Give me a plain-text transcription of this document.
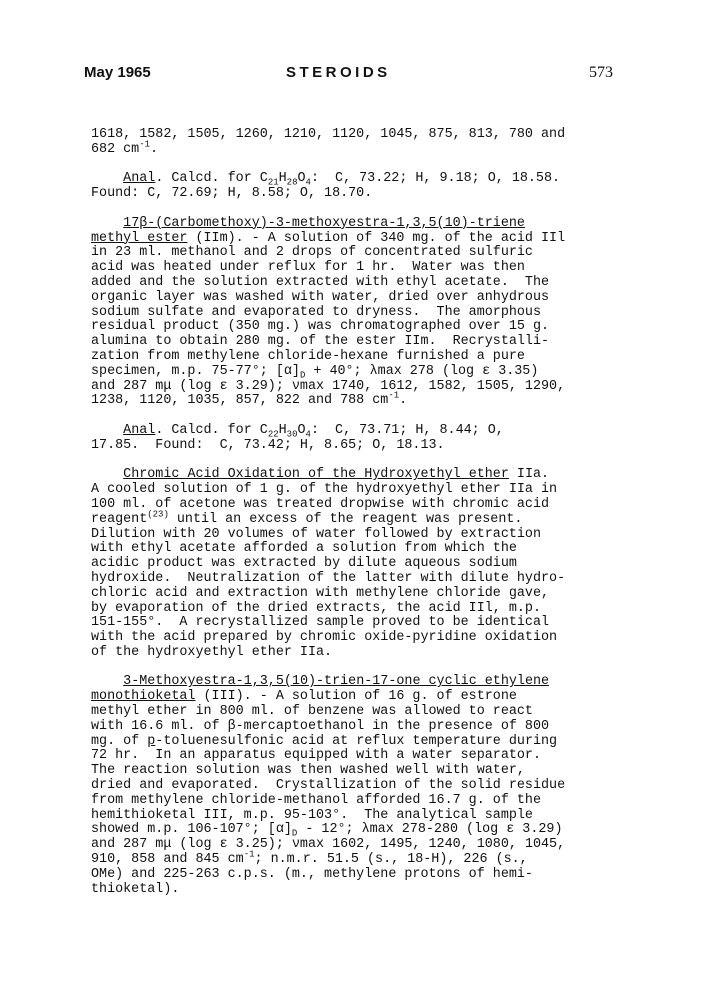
May 1965	STEROIDS	573
1618, 1582, 1505, 1260, 1210, 1120, 1045, 875, 813, 780 and
682 $cm^{-1}$.
Anal. Calcd. for $C_{21}H_{28}O_4$:  C, 73.22; H, 9.18; O, 18.58.
Found: C, 72.69; H, 8.58; O, 18.70.
17β-(Carbomethoxy)-3-methoxyestra-1,3,5(10)-triene
methyl ester (IIm). - A solution of 340 mg. of the acid IIl
in 23 ml. methanol and 2 drops of concentrated sulfuric
acid was heated under reflux for 1 hr.  Water was then
added and the solution extracted with ethyl acetate.  The
organic layer was washed with water, dried over anhydrous
sodium sulfate and evaporated to dryness.  The amorphous
residual product (350 mg.) was chromatographed over 15 g.
alumina to obtain 280 mg. of the ester IIm.  Recrystalli-
zation from methylene chloride-hexane furnished a pure
specimen, m.p. 75-77°; $[\alpha]_D + 40^\circ$; λmax 278 (log ε 3.35)
and 287 mμ (log ε 3.29); νmax 1740, 1612, 1582, 1505, 1290,
1238, 1120, 1035, 857, 822 and 788 $cm^{-1}$.
Anal. Calcd. for $C_{22}H_{30}O_4$:  C, 73.71; H, 8.44; O,
17.85.  Found:  C, 73.42; H, 8.65; O, 18.13.
Chromic Acid Oxidation of the Hydroxyethyl ether IIa.
A cooled solution of 1 g. of the hydroxyethyl ether IIa in
100 ml. of acetone was treated dropwise with chromic acid
reagent$^{(23)}$ until an excess of the reagent was present.
Dilution with 20 volumes of water followed by extraction
with ethyl acetate afforded a solution from which the
acidic product was extracted by dilute aqueous sodium
hydroxide.  Neutralization of the latter with dilute hydro-
chloric acid and extraction with methylene chloride gave,
by evaporation of the dried extracts, the acid IIl, m.p.
151-155°.  A recrystallized sample proved to be identical
with the acid prepared by chromic oxide-pyridine oxidation
of the hydroxyethyl ether IIa.
3-Methoxyestra-1,3,5(10)-trien-17-one cyclic ethylene
monothioketal (III). - A solution of 16 g. of estrone
methyl ether in 800 ml. of benzene was allowed to react
with 16.6 ml. of β-mercaptoethanol in the presence of 800
mg. of p-toluenesulfonic acid at reflux temperature during
72 hr.  In an apparatus equipped with a water separator.
The reaction solution was then washed well with water,
dried and evaporated.  Crystallization of the solid residue
from methylene chloride-methanol afforded 16.7 g. of the
hemithioketal III, m.p. 95-103°.  The analytical sample
showed m.p. 106-107°; $[\alpha]_D - 12^\circ$; λmax 278-280 (log ε 3.29)
and 287 mμ (log ε 3.25); νmax 1602, 1495, 1240, 1080, 1045,
910, 858 and 845 $cm^{-1}$; n.m.r. 51.5 (s., 18-H), 226 (s.,
OMe) and 225-263 c.p.s. (m., methylene protons of hemi-
thioketal).
